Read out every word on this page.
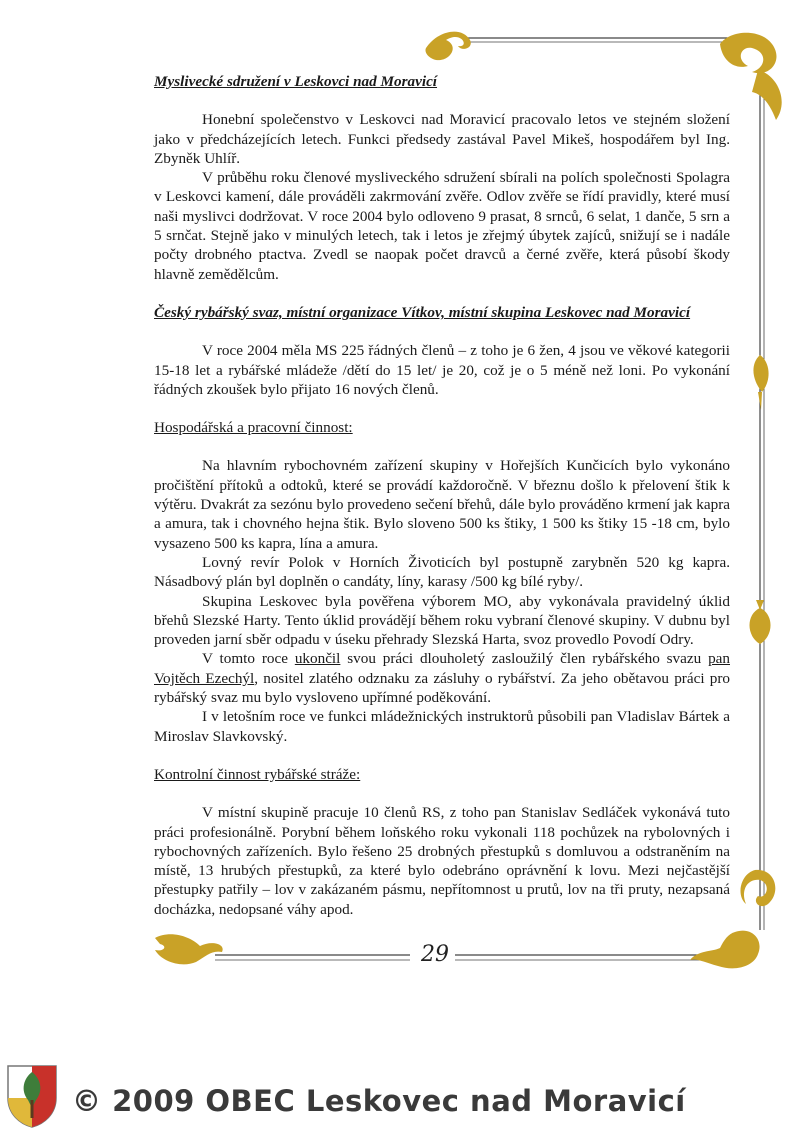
Myslivecké sdružení v Leskovci nad Moravicí

Honební společenstvo v Leskovci nad Moravicí pracovalo letos ve stejném složení jako v předcházejících letech. Funkci předsedy zastával Pavel Mikeš, hospodářem byl Ing. Zbyněk Uhlíř.

V průběhu roku členové mysliveckého sdružení sbírali na polích společnosti Spolagra v Leskovci kamení, dále prováděli zakrmování zvěře. Odlov zvěře se řídí pravidly, které musí naši myslivci dodržovat. V roce 2004 bylo odloveno 9 prasat, 8 srnců, 6 selat, 1 danče, 5 srn a 5 srnčat. Stejně jako v minulých letech, tak i letos je zřejmý úbytek zajíců, snižují se i nadále počty drobného ptactva. Zvedl se naopak počet dravců a černé zvěře, která působí škody hlavně zemědělcům.

Český rybářský svaz, místní organizace Vítkov, místní skupina Leskovec nad Moravicí

V roce 2004 měla MS 225 řádných členů – z toho je 6 žen, 4 jsou ve věkové kategorii 15-18 let a rybářské mládeže /dětí do 15 let/ je 20, což je o 5 méně než loni. Po vykonání řádných zkoušek bylo přijato 16 nových členů.

Hospodářská a pracovní činnost:

Na hlavním rybochovném zařízení skupiny v Hořejších Kunčicích bylo vykonáno pročištění přítoků a odtoků, které se provádí každoročně. V březnu došlo k přelovení štik k výtěru. Dvakrát za sezónu bylo provedeno sečení břehů, dále bylo prováděno krmení jak kapra a amura, tak i chovného hejna štik. Bylo sloveno 500 ks štiky, 1 500 ks štiky 15 -18 cm, bylo vysazeno 500 ks kapra, lína a amura.

Lovný revír Polok v Horních Životicích byl postupně zarybněn 520 kg kapra. Násadbový plán byl doplněn o candáty, líny, karasy /500 kg bílé ryby/.

Skupina Leskovec byla pověřena výborem MO, aby vykonávala pravidelný úklid břehů Slezské Harty. Tento úklid provádějí během roku vybraní členové skupiny. V dubnu byl proveden jarní sběr odpadu v úseku přehrady Slezská Harta, svoz provedlo Povodí Odry.

V tomto roce ukončil svou práci dlouholetý zasloužilý člen rybářského svazu pan Vojtěch Ezechýl, nositel zlatého odznaku za zásluhy o rybářství. Za jeho obětavou práci pro rybářský svaz mu bylo vysloveno upřímné poděkování.

I v letošním roce ve funkci mládežnických instruktorů působili pan Vladislav Bártek a Miroslav Slavkovský.

Kontrolní činnost rybářské stráže:

V místní skupině pracuje 10 členů RS, z toho pan Stanislav Sedláček vykonává tuto práci profesionálně. Porybní během loňského roku vykonali 118 pochůzek na rybolovných i rybochovných zařízeních. Bylo řešeno 25 drobných přestupků s domluvou a odstraněním na místě, 13 hrubých přestupků, za které bylo odebráno oprávnění k lovu. Mezi nejčastější přestupky patřily – lov v zakázaném pásmu, nepřítomnost u prutů, lov na tři pruty, nezapsaná docházka, nedopsané váhy apod.

29
© 2009 OBEC Leskovec nad Moravicí
